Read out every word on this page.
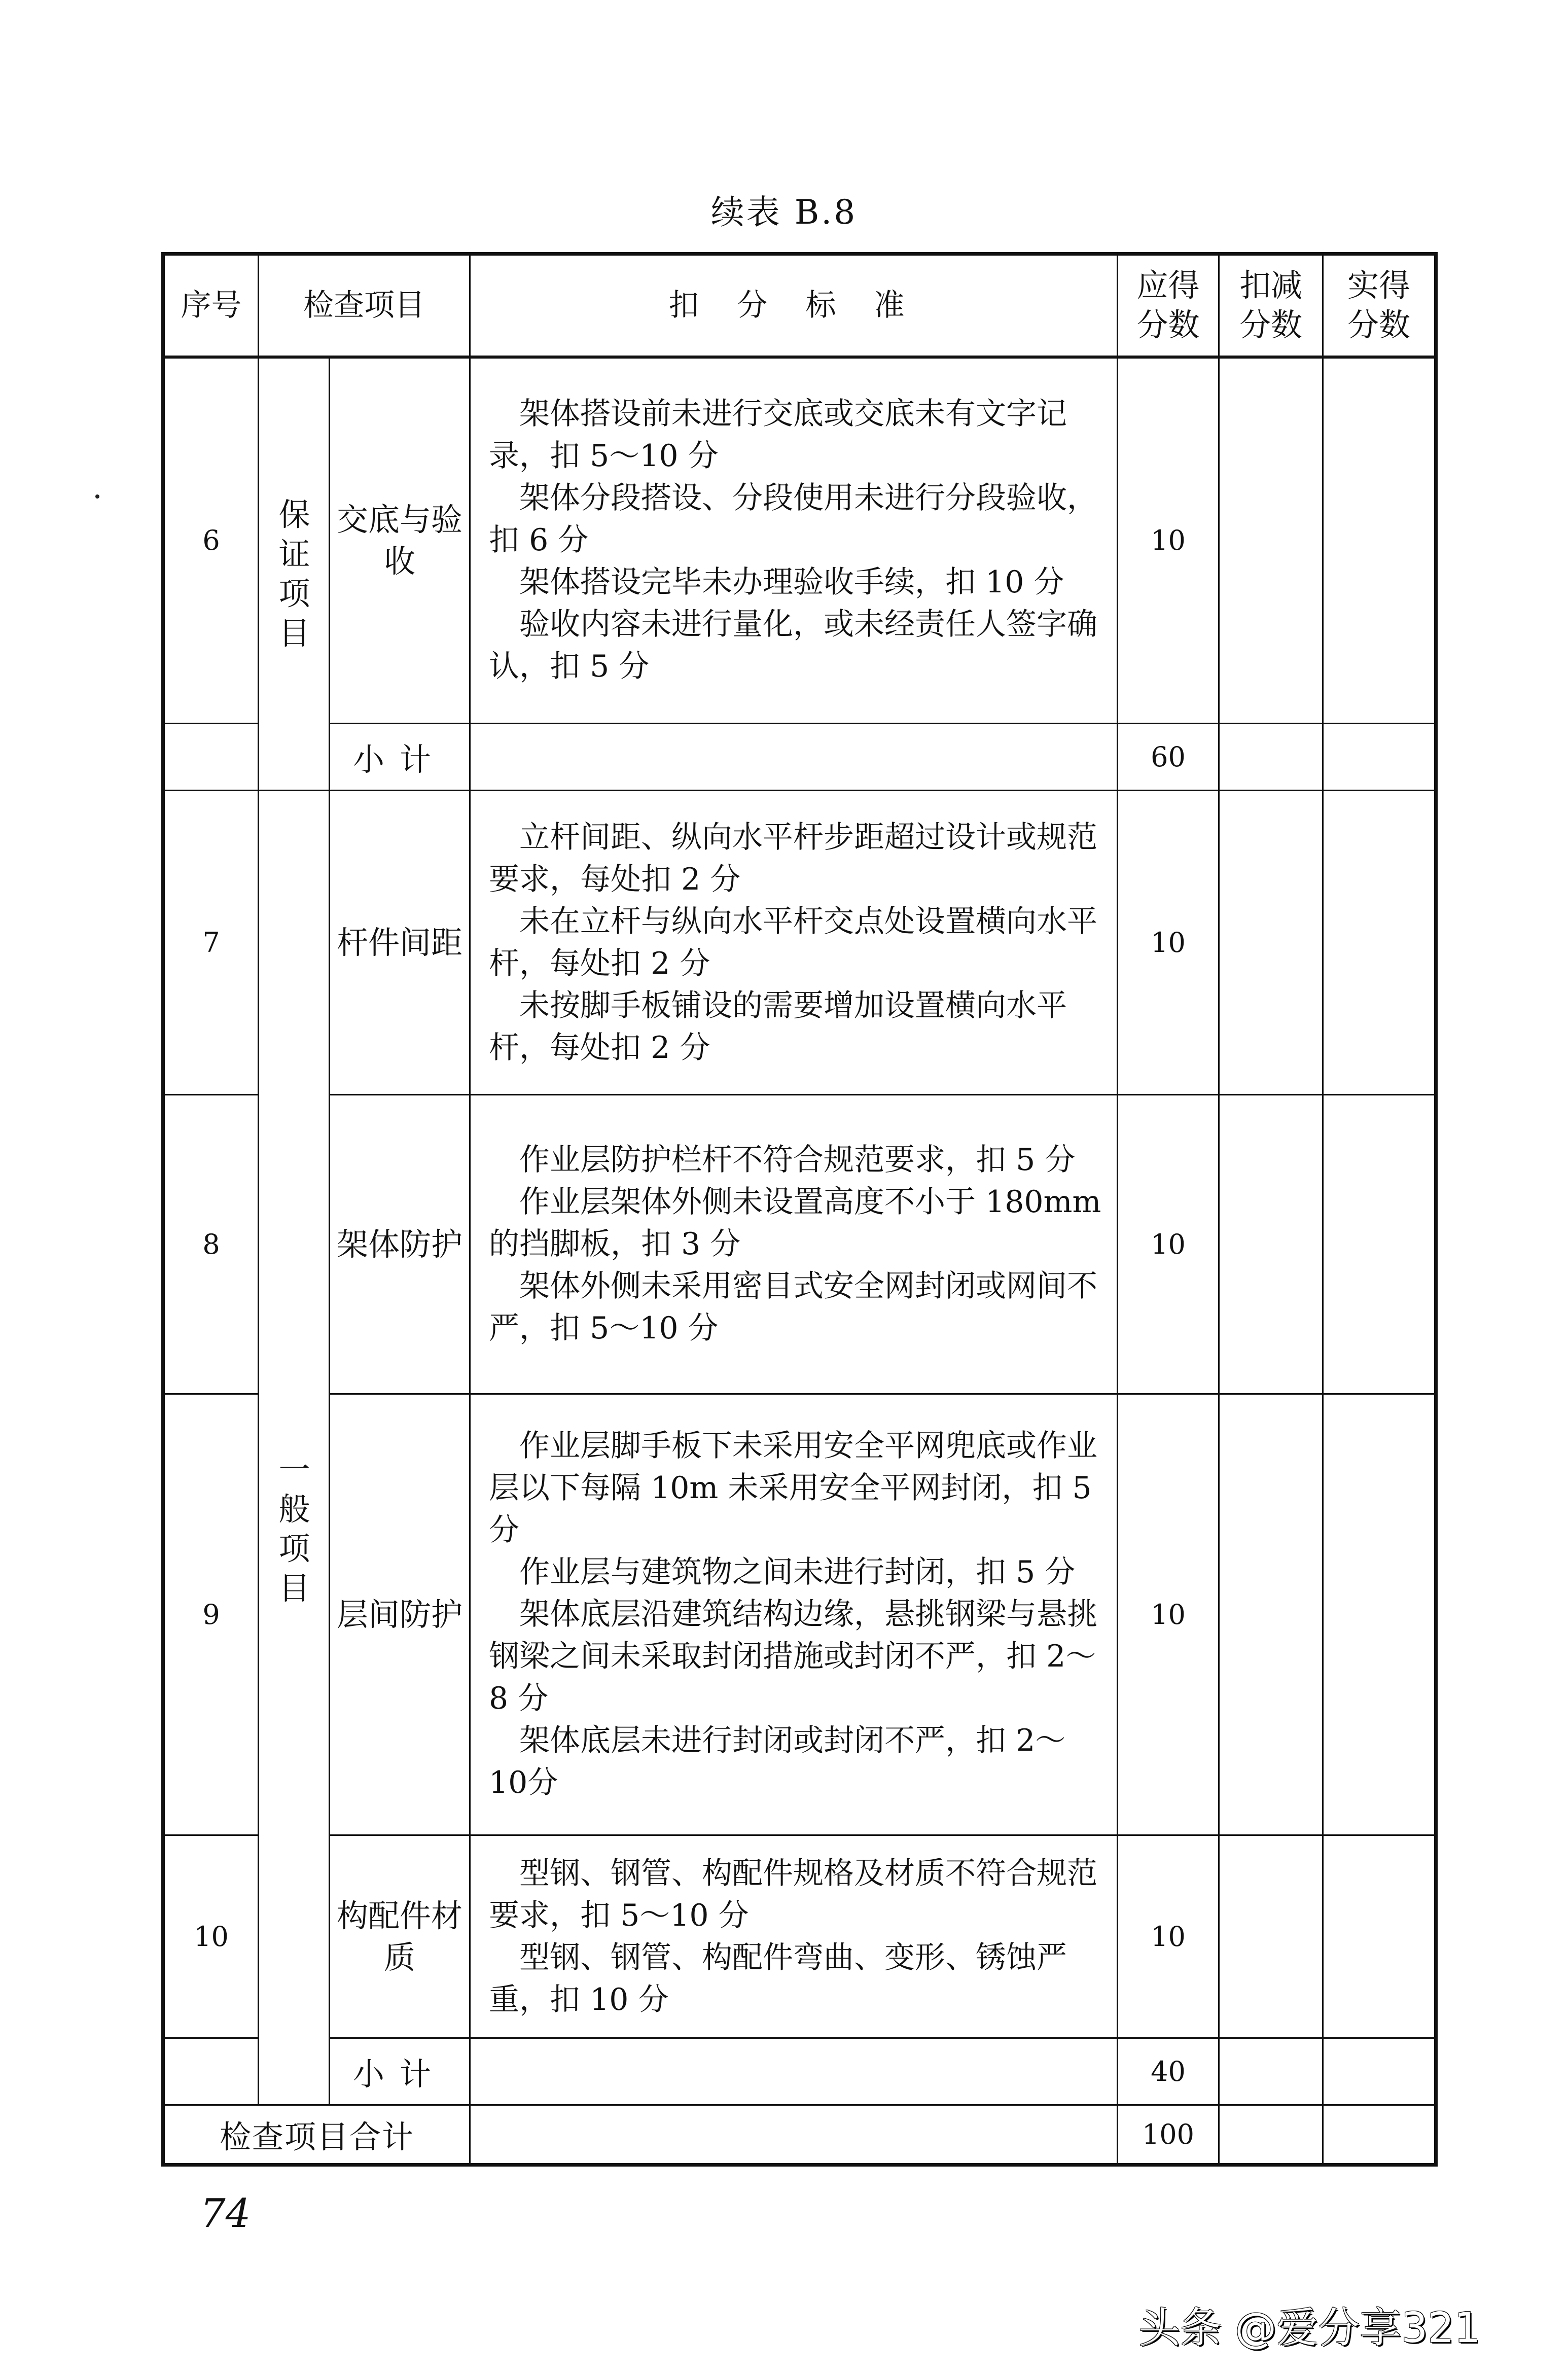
续表 B.8
序号	检查项目		扣 分 标 准	应得分数	扣减分数	实得分数

6	保证项目	交底与验收	架体搭设前未进行交底或交底未有文字记录，扣 5～10 分

架体分段搭设、分段使用未进行分段验收，扣 6 分

架体搭设完毕未办理验收手续，扣 10 分

验收内容未进行量化，或未经责任人签字确认，扣 5 分	10		
		小计		60		
7	一般项目	杆件间距	立杆间距、纵向水平杆步距超过设计或规范要求，每处扣 2 分

未在立杆与纵向水平杆交点处设置横向水平杆，每处扣 2 分

未按脚手板铺设的需要增加设置横向水平杆，每处扣 2 分	10		
8		架体防护	作业层防护栏杆不符合规范要求，扣 5 分

作业层架体外侧未设置高度不小于 180mm 的挡脚板，扣 3 分

架体外侧未采用密目式安全网封闭或网间不严，扣 5～10 分	10		
9		层间防护	作业层脚手板下未采用安全平网兜底或作业层以下每隔 10m 未采用安全平网封闭，扣 5 分

作业层与建筑物之间未进行封闭，扣 5 分

架体底层沿建筑结构边缘，悬挑钢梁与悬挑钢梁之间未采取封闭措施或封闭不严，扣 2～8 分

架体底层未进行封闭或封闭不严，扣 2～10分	10		
10		构配件材质	型钢、钢管、构配件规格及材质不符合规范要求，扣 5～10 分

型钢、钢管、构配件弯曲、变形、锈蚀严重，扣 10 分	10		
		小计		40		
检查项目合计				100		
74
头条 @爱分享321
